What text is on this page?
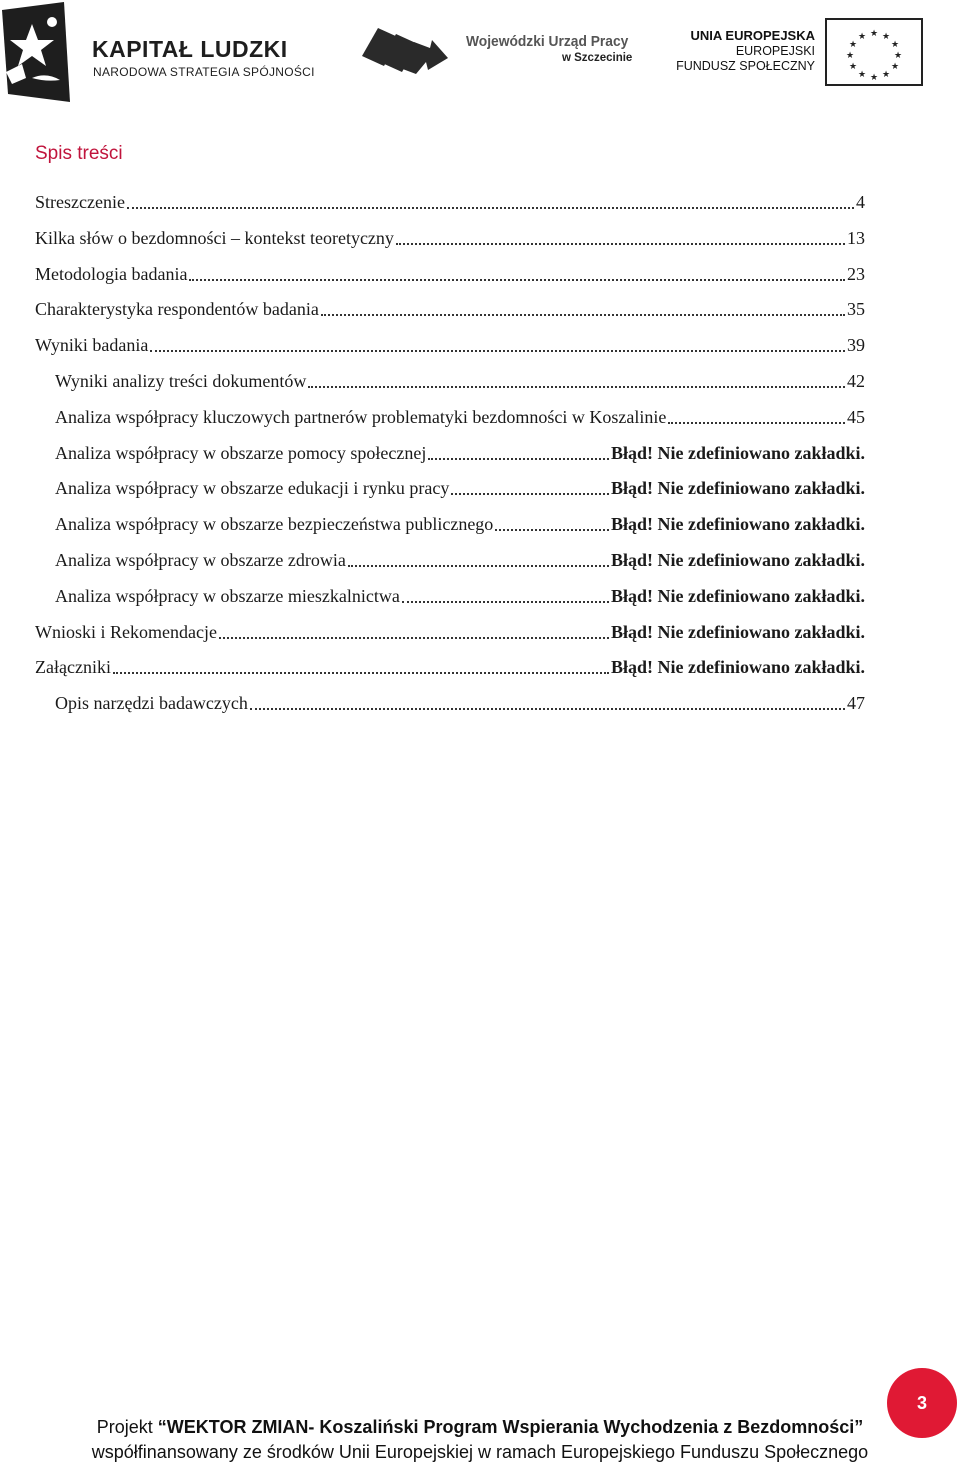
KAPITAŁ LUDZKI
NARODOWA STRATEGIA SPÓJNOŚCI
Wojewódzki Urząd Pracy
w Szczecinie
UNIA EUROPEJSKA
EUROPEJSKI
FUNDUSZ SPOŁECZNY
★ ★
★
★
★
★
★
★
★
★
★
★
Spis treści
Streszczenie	4
Kilka słów o bezdomności – kontekst teoretyczny	13
Metodologia badania	23
Charakterystyka respondentów badania	35
Wyniki badania	39
Wyniki analizy treści dokumentów	42
Analiza współpracy kluczowych partnerów problematyki bezdomności w Koszalinie	45
Analiza współpracy w obszarze pomocy społecznej	Błąd! Nie zdefiniowano zakładki.
Analiza współpracy w obszarze edukacji i rynku pracy	Błąd! Nie zdefiniowano zakładki.
Analiza współpracy w obszarze bezpieczeństwa publicznego	Błąd! Nie zdefiniowano zakładki.
Analiza współpracy w obszarze zdrowia	Błąd! Nie zdefiniowano zakładki.
Analiza współpracy w obszarze mieszkalnictwa	Błąd! Nie zdefiniowano zakładki.
Wnioski i Rekomendacje	Błąd! Nie zdefiniowano zakładki.
Załączniki	Błąd! Nie zdefiniowano zakładki.
Opis narzędzi badawczych	47
3
Projekt “WEKTOR ZMIAN- Koszaliński Program Wspierania Wychodzenia z Bezdomności”
współfinansowany ze środków Unii Europejskiej w ramach Europejskiego Funduszu Społecznego
